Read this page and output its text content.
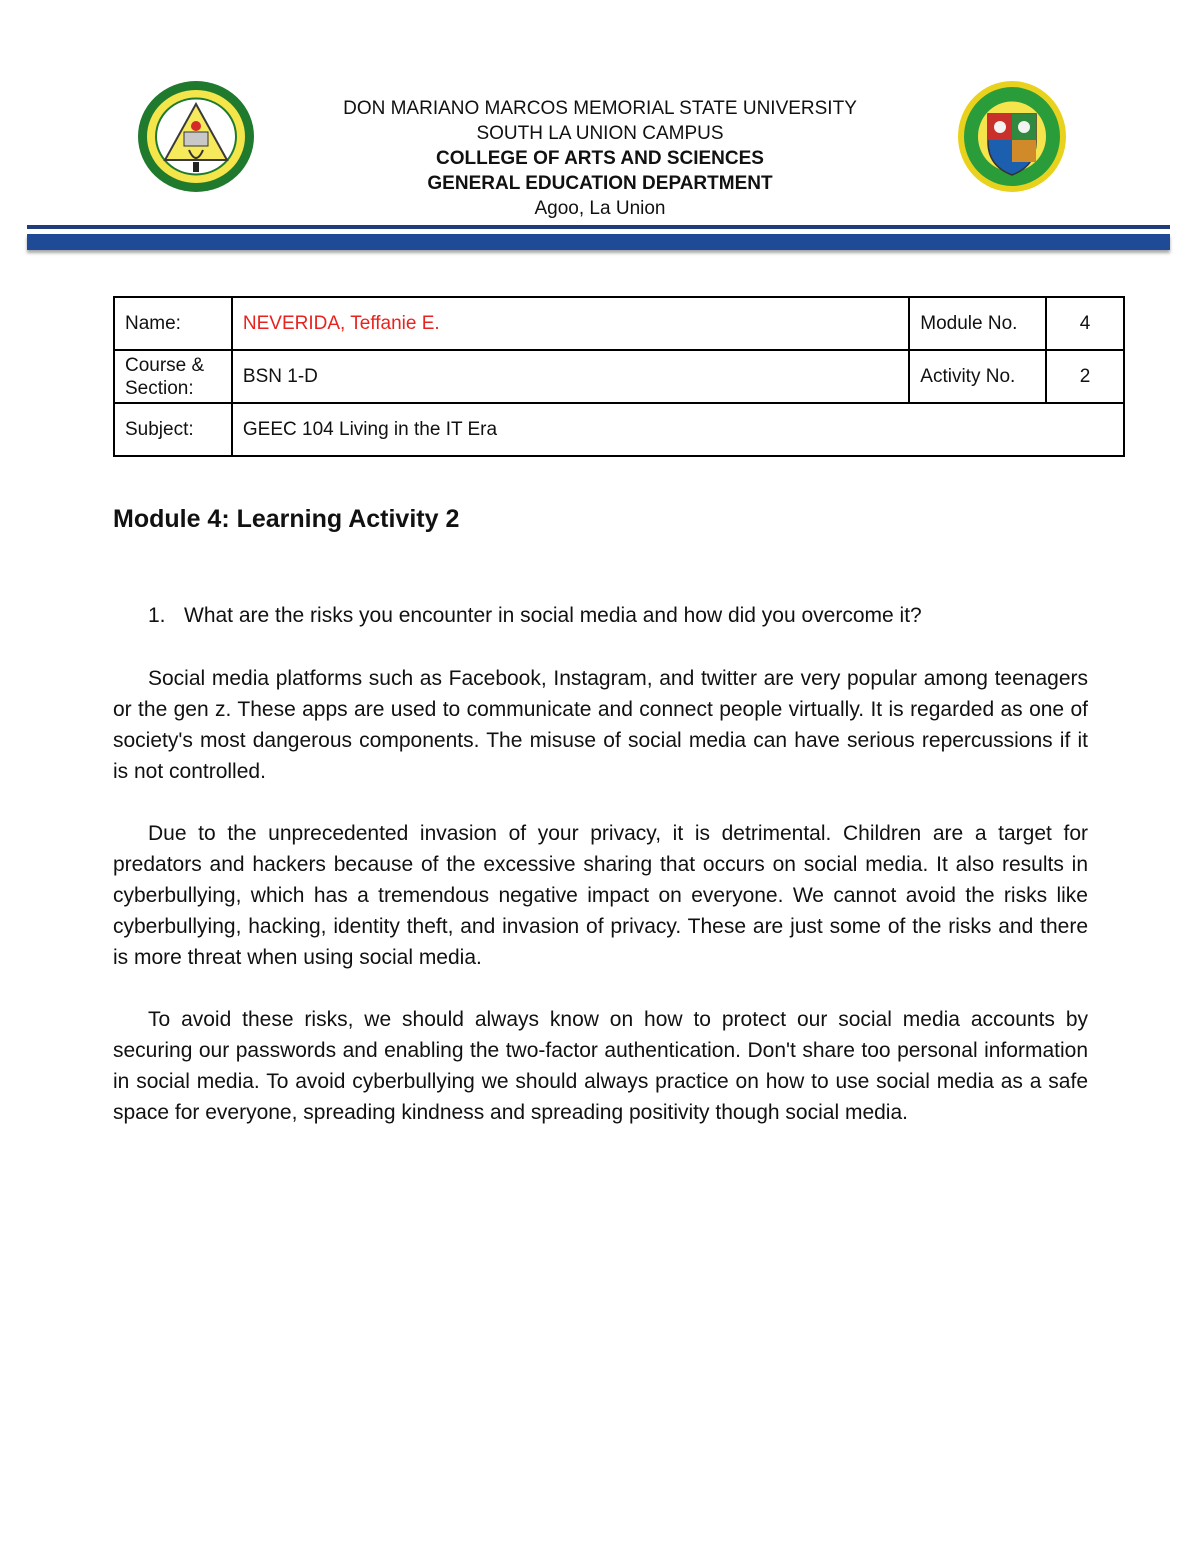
DON MARIANO MARCOS MEMORIAL STATE UNIVERSITY
SOUTH LA UNION CAMPUS
COLLEGE OF ARTS AND SCIENCES
GENERAL EDUCATION DEPARTMENT
Agoo, La Union
Name:	NEVERIDA, Teffanie E.	Module No.	4
Course & Section:	BSN 1-D	Activity No.	2
Subject:	GEEC 104 Living in the IT Era		
Module 4: Learning Activity 2
1. What are the risks you encounter in social media and how did you overcome it?

Social media platforms such as Facebook, Instagram, and twitter are very popular among teenagers or the gen z. These apps are used to communicate and connect people virtually. It is regarded as one of society's most dangerous components. The misuse of social media can have serious repercussions if it is not controlled.

Due to the unprecedented invasion of your privacy, it is detrimental. Children are a target for predators and hackers because of the excessive sharing that occurs on social media. It also results in cyberbullying, which has a tremendous negative impact on everyone. We cannot avoid the risks like cyberbullying, hacking, identity theft, and invasion of privacy. These are just some of the risks and there is more threat when using social media.

To avoid these risks, we should always know on how to protect our social media accounts by securing our passwords and enabling the two-factor authentication. Don't share too personal information in social media. To avoid cyberbullying we should always practice on how to use social media as a safe space for everyone, spreading kindness and spreading positivity though social media.
